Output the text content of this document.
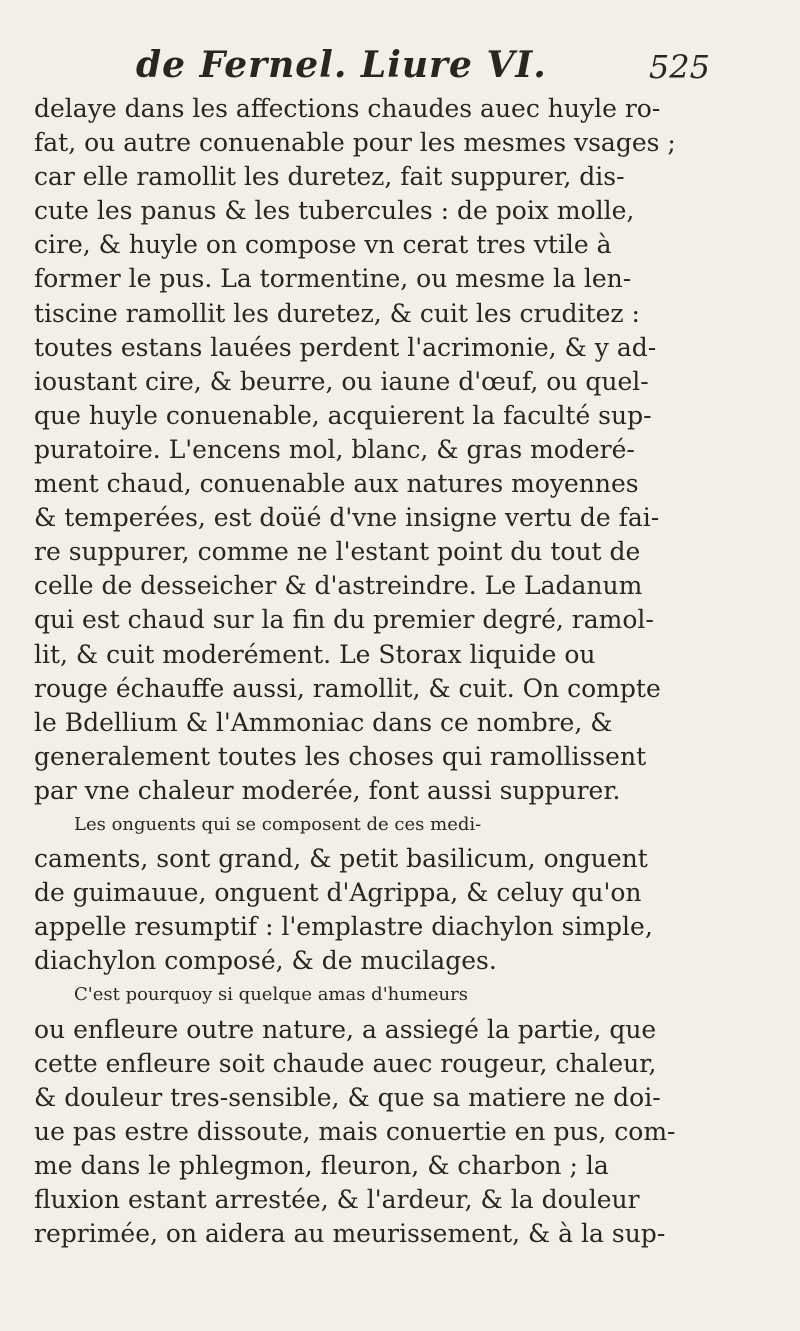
de Fernel. Liure VI.	525
delaye dans les affections chaudes auec huyle ro-
fat, ou autre conuenable pour les mesmes vsages ;
car elle ramollit les duretez, fait suppurer, dis-
cute les panus & les tubercules : de poix molle,
cire, & huyle on compose vn cerat tres vtile à
former le pus. La tormentine, ou mesme la len-
tiscine ramollit les duretez, & cuit les cruditez :
toutes estans lauées perdent l'acrimonie, & y ad-
ioustant cire, & beurre, ou iaune d'œuf, ou quel-
que huyle conuenable, acquierent la faculté sup-
puratoire. L'encens mol, blanc, & gras moderé-
ment chaud, conuenable aux natures moyennes
& temperées, est doüé d'vne insigne vertu de fai-
re suppurer, comme ne l'estant point du tout de
celle de desseicher & d'astreindre. Le Ladanum
qui est chaud sur la fin du premier degré, ramol-
lit, & cuit moderément. Le Storax liquide ou
rouge échauffe aussi, ramollit, & cuit. On compte
le Bdellium & l'Ammoniac dans ce nombre, &
generalement toutes les choses qui ramollissent
par vne chaleur moderée, font aussi suppurer.
Les onguents qui se composent de ces medi-
caments, sont grand, & petit basilicum, onguent
de guimauue, onguent d'Agrippa, & celuy qu'on
appelle resumptif : l'emplastre diachylon simple,
diachylon composé, & de mucilages.
C'est pourquoy si quelque amas d'humeurs
ou enfleure outre nature, a assiegé la partie, que
cette enfleure soit chaude auec rougeur, chaleur,
& douleur tres-sensible, & que sa matiere ne doi-
ue pas estre dissoute, mais conuertie en pus, com-
me dans le phlegmon, fleuron, & charbon ; la
fluxion estant arrestée, & l'ardeur, & la douleur
reprimée, on aidera au meurissement, & à la sup-
